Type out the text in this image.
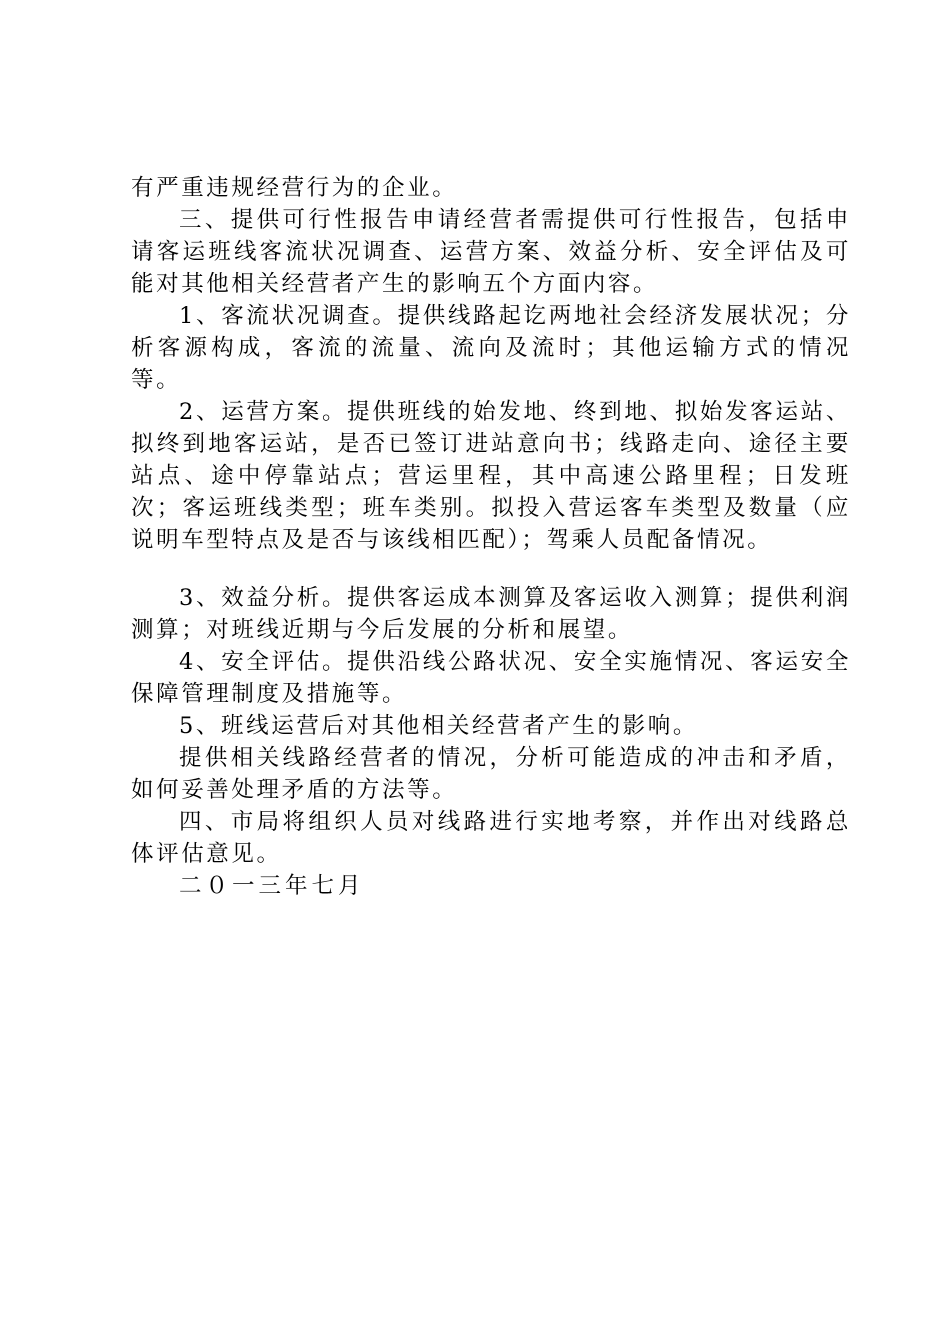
有严重违规经营行为的企业。

三、提供可行性报告申请经营者需提供可行性报告，包括申请客运班线客流状况调查、运营方案、效益分析、安全评估及可能对其他相关经营者产生的影响五个方面内容。

1、客流状况调查。提供线路起讫两地社会经济发展状况；分析客源构成，客流的流量、流向及流时；其他运输方式的情况等。

2、运营方案。提供班线的始发地、终到地、拟始发客运站、拟终到地客运站，是否已签订进站意向书；线路走向、途径主要站点、途中停靠站点；营运里程，其中高速公路里程；日发班次；客运班线类型；班车类别。拟投入营运客车类型及数量（应说明车型特点及是否与该线相匹配）；驾乘人员配备情况。

3、效益分析。提供客运成本测算及客运收入测算；提供利润测算；对班线近期与今后发展的分析和展望。

4、安全评估。提供沿线公路状况、安全实施情况、客运安全保障管理制度及措施等。

5、班线运营后对其他相关经营者产生的影响。

提供相关线路经营者的情况，分析可能造成的冲击和矛盾，如何妥善处理矛盾的方法等。

四、市局将组织人员对线路进行实地考察，并作出对线路总体评估意见。

二０一三年七月
